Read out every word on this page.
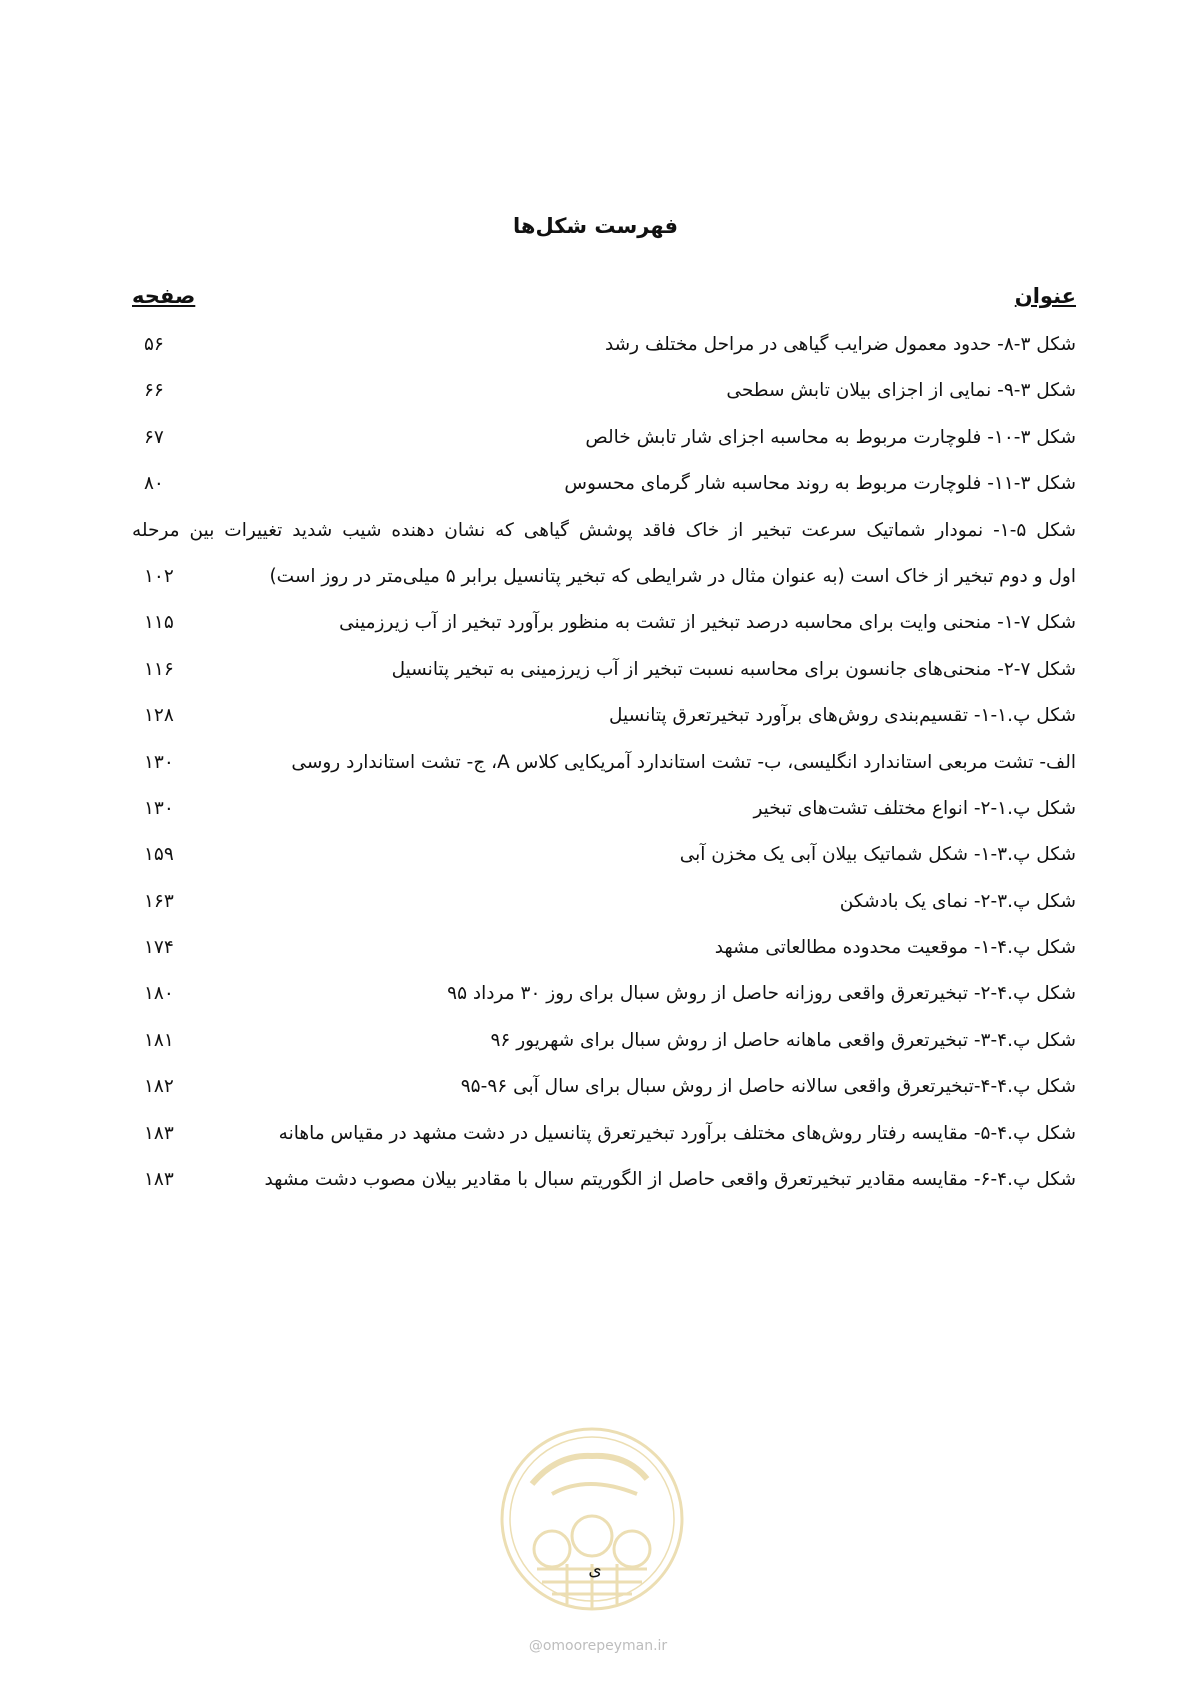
فهرست شکل‌ها
عنوان
صفحه
شکل ۳-۸- حدود معمول ضرایب گیاهی در مراحل مختلف رشد
۵۶
شکل ۳-۹- نمایی از اجزای بیلان تابش سطحی
۶۶
شکل ۳-۱۰- فلوچارت مربوط به محاسبه اجزای شار تابش خالص
۶۷
شکل ۳-۱۱- فلوچارت مربوط به روند محاسبه شار گرمای محسوس
۸۰
شکل ۵-۱- نمودار شماتیک سرعت تبخیر از خاک فاقد پوشش گیاهی که نشان دهنده شیب شدید تغییرات بین مرحله
اول و دوم تبخیر از خاک است (به عنوان مثال در شرایطی که تبخیر پتانسیل برابر ۵ میلی‌متر در روز است)
۱۰۲
شکل ۷-۱- منحنی وایت برای محاسبه درصد تبخیر از تشت به منظور برآورد تبخیر از آب زیرزمینی
۱۱۵
شکل ۷-۲- منحنی‌های جانسون برای محاسبه نسبت تبخیر از آب زیرزمینی به تبخیر پتانسیل
۱۱۶
شکل پ.۱-۱- تقسیم‌بندی روش‌های برآورد تبخیرتعرق پتانسیل
۱۲۸
الف- تشت مربعی استاندارد انگلیسی، ب- تشت استاندارد آمریکایی کلاس A، ج- تشت استاندارد روسی
۱۳۰
شکل پ.۱-۲- انواع مختلف تشت‌های تبخیر
۱۳۰
شکل پ.۳-۱- شکل شماتیک بیلان آبی یک مخزن آبی
۱۵۹
شکل پ.۳-۲- نمای یک بادشکن
۱۶۳
شکل پ.۴-۱- موقعیت محدوده مطالعاتی مشهد
۱۷۴
شکل پ.۴-۲- تبخیرتعرق واقعی روزانه حاصل از روش سبال برای روز ۳۰ مرداد ۹۵
۱۸۰
شکل پ.۴-۳- تبخیرتعرق واقعی ماهانه حاصل از روش سبال برای شهریور ۹۶
۱۸۱
شکل پ.۴-۴-تبخیرتعرق واقعی سالانه حاصل از روش سبال برای سال آبی ۹۶-۹۵
۱۸۲
شکل پ.۴-۵- مقایسه رفتار روش‌های مختلف برآورد تبخیرتعرق پتانسیل در دشت مشهد در مقیاس ماهانه
۱۸۳
شکل پ.۴-۶- مقایسه مقادیر تبخیرتعرق واقعی حاصل از الگوریتم سبال با مقادیر بیلان مصوب دشت مشهد
۱۸۳
ی
@omoorepeyman.ir
